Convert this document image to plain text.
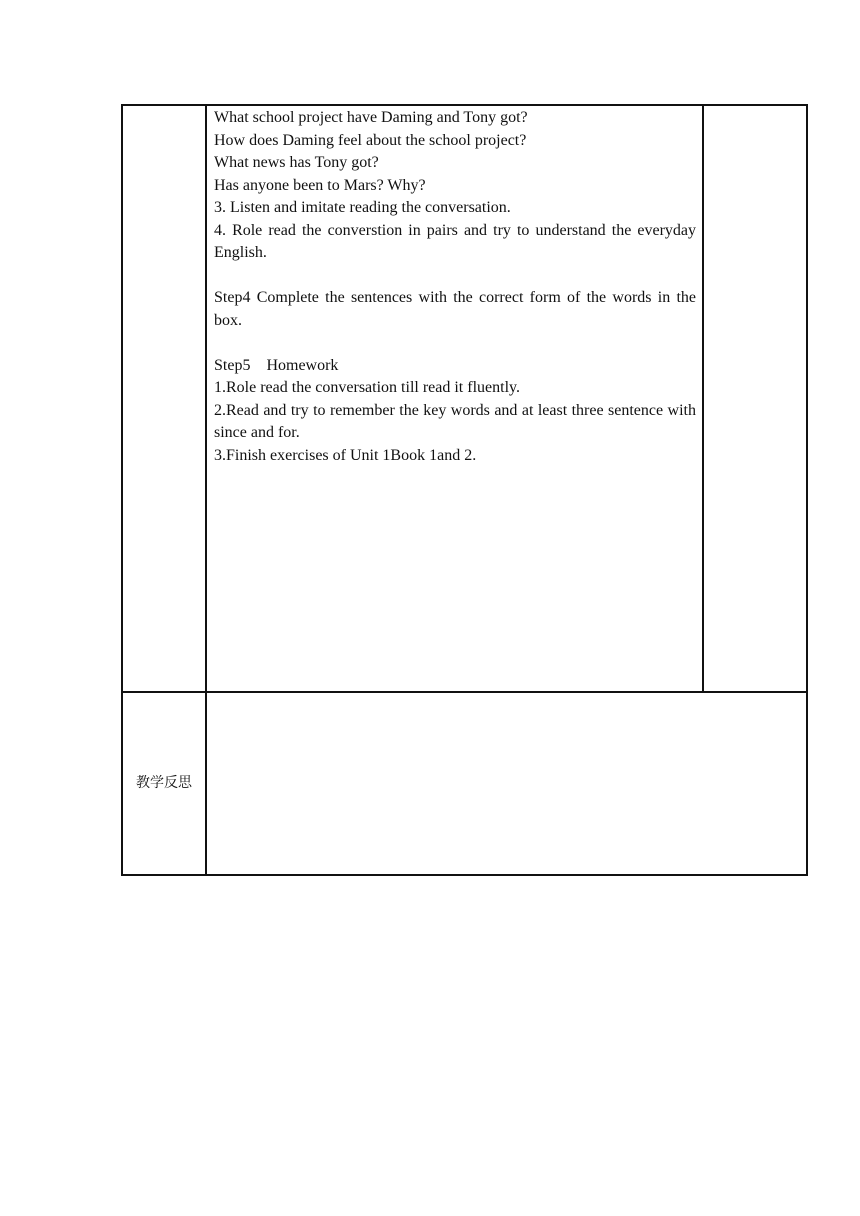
What school project have Daming and Tony got?

How does Daming feel about the school project?

What news has Tony got?

Has anyone been to Mars? Why?

3. Listen and imitate reading the conversation.

4. Role read the converstion in pairs and try to understand the everyday English.

Step4 Complete the sentences with the correct form of the words in the box.

Step5    Homework

1.Role read the conversation till read it fluently.

2.Read and try to remember the key words and at least three sentence with since and for.

3.Finish exercises of Unit 1Book 1and 2.

教学反思
